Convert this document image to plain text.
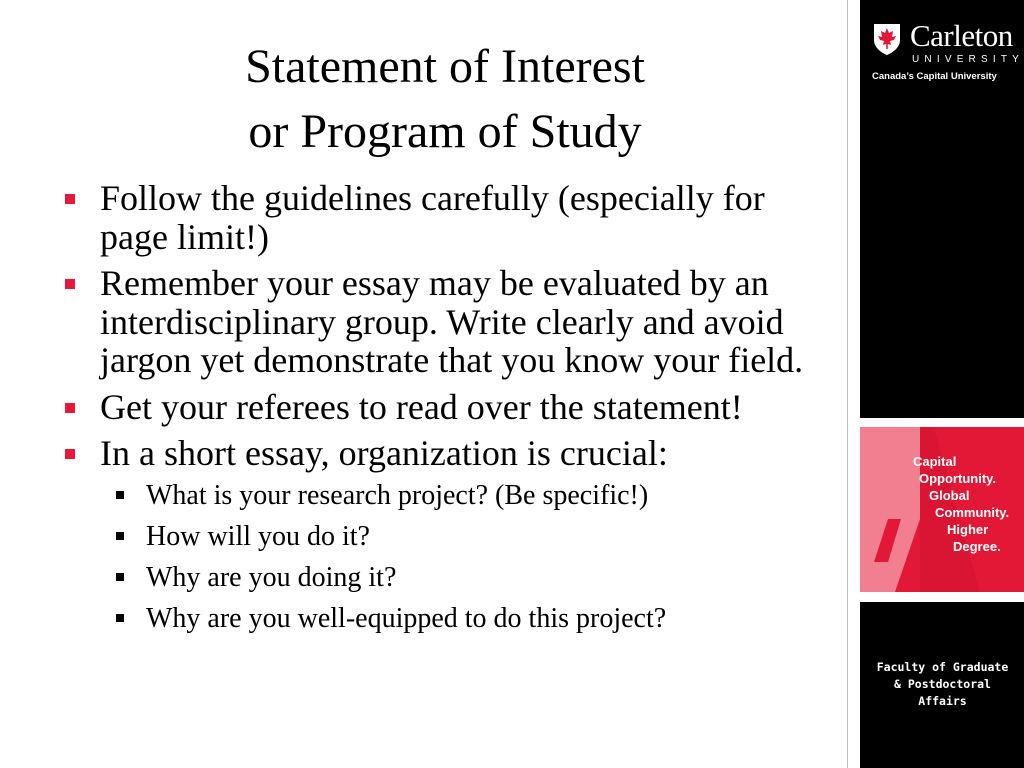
Statement of Interest
or Program of Study
Follow the guidelines carefully (especially for page limit!)
Remember your essay may be evaluated by an interdisciplinary group. Write clearly and avoid jargon yet demonstrate that you know your field.
Get your referees to read over the statement!
In a short essay, organization is crucial:
What is your research project? (Be specific!)
How will you do it?
Why are you doing it?
Why are you well-equipped to do this project?
Carleton
UNIVERSITY
Canada’s Capital University
Capital
Opportunity.
Global
Community.
Higher
Degree.
Faculty of Graduate
& Postdoctoral
Affairs
